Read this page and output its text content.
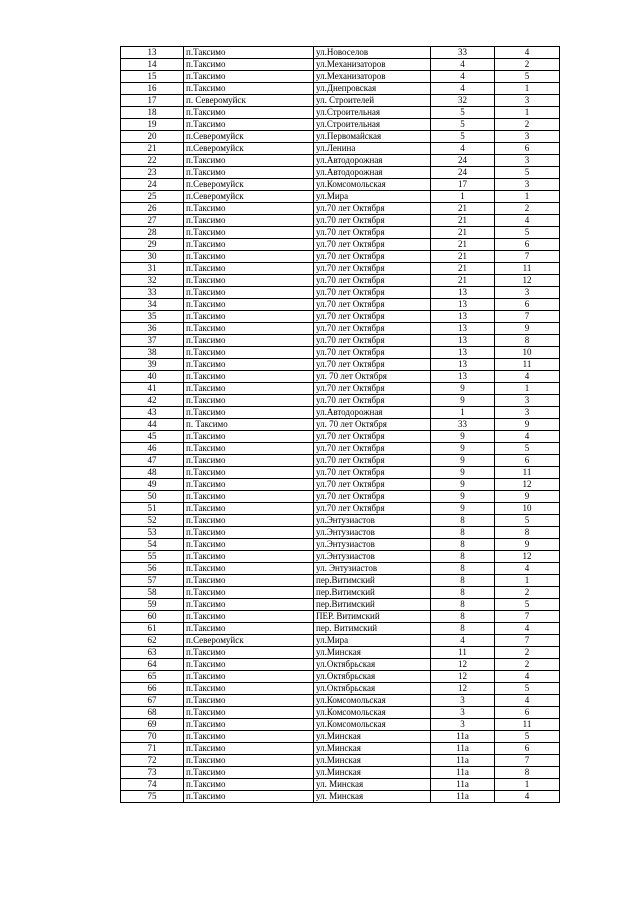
13	п.Таксимо	ул.Новоселов	33	4
14	п.Таксимо	ул.Механизаторов	4	2
15	п.Таксимо	ул.Механизаторов	4	5
16	п.Таксимо	ул.Днепровская	4	1
17	п. Северомуйск	ул. Строителей	32	3
18	п.Таксимо	ул.Строительная	5	1
19	п.Таксимо	ул.Строительная	5	2
20	п.Северомуйск	ул.Первомайская	5	3
21	п.Северомуйск	ул.Ленина	4	6
22	п.Таксимо	ул.Автодорожная	24	3
23	п.Таксимо	ул.Автодорожная	24	5
24	п.Северомуйск	ул.Комсомольская	17	3
25	п.Северомуйск	ул.Мира	1	1
26	п.Таксимо	ул.70 лет Октября	21	2
27	п.Таксимо	ул.70 лет Октября	21	4
28	п.Таксимо	ул.70 лет Октября	21	5
29	п.Таксимо	ул.70 лет Октября	21	6
30	п.Таксимо	ул.70 лет Октября	21	7
31	п.Таксимо	ул.70 лет Октября	21	11
32	п.Таксимо	ул.70 лет Октября	21	12
33	п.Таксимо	ул.70 лет Октября	13	3
34	п.Таксимо	ул.70 лет Октября	13	6
35	п.Таксимо	ул.70 лет Октября	13	7
36	п.Таксимо	ул.70 лет Октября	13	9
37	п.Таксимо	ул.70 лет Октября	13	8
38	п.Таксимо	ул.70 лет Октября	13	10
39	п.Таксимо	ул.70 лет Октября	13	11
40	п.Таксимо	ул. 70 лет Октября	13	4
41	п.Таксимо	ул.70 лет Октября	9	1
42	п.Таксимо	ул.70 лет Октября	9	3
43	п.Таксимо	ул.Автодорожная	1	3
44	п. Таксимо	ул. 70 лет Октября	33	9
45	п.Таксимо	ул.70 лет Октября	9	4
46	п.Таксимо	ул.70 лет Октября	9	5
47	п.Таксимо	ул.70 лет Октября	9	6
48	п.Таксимо	ул.70 лет Октября	9	11
49	п.Таксимо	ул.70 лет Октября	9	12
50	п.Таксимо	ул.70 лет Октября	9	9
51	п.Таксимо	ул.70 лет Октября	9	10
52	п.Таксимо	ул.Энтузиастов	8	5
53	п.Таксимо	ул.Энтузиастов	8	8
54	п.Таксимо	ул.Энтузиастов	8	9
55	п.Таксимо	ул.Энтузиастов	8	12
56	п.Таксимо	ул. Энтузиастов	8	4
57	п.Таксимо	пер.Витимский	8	1
58	п.Таксимо	пер.Витимский	8	2
59	п.Таксимо	пер.Витимский	8	5
60	п.Таксимо	ПЕР. Витимский	8	7
61	п.Таксимо	пер. Витимский	8	4
62	п.Северомуйск	ул.Мира	4	7
63	п.Таксимо	ул.Минская	11	2
64	п.Таксимо	ул.Октябрьская	12	2
65	п.Таксимо	ул.Октябрьская	12	4
66	п.Таксимо	ул.Октябрьская	12	5
67	п.Таксимо	ул.Комсомольская	3	4
68	п.Таксимо	ул.Комсомольская	3	6
69	п.Таксимо	ул.Комсомольская	3	11
70	п.Таксимо	ул.Минская	11а	5
71	п.Таксимо	ул.Минская	11а	6
72	п.Таксимо	ул.Минская	11а	7
73	п.Таксимо	ул.Минская	11а	8
74	п.Таксимо	ул. Минская	11а	1
75	п.Таксимо	ул. Минская	11а	4
